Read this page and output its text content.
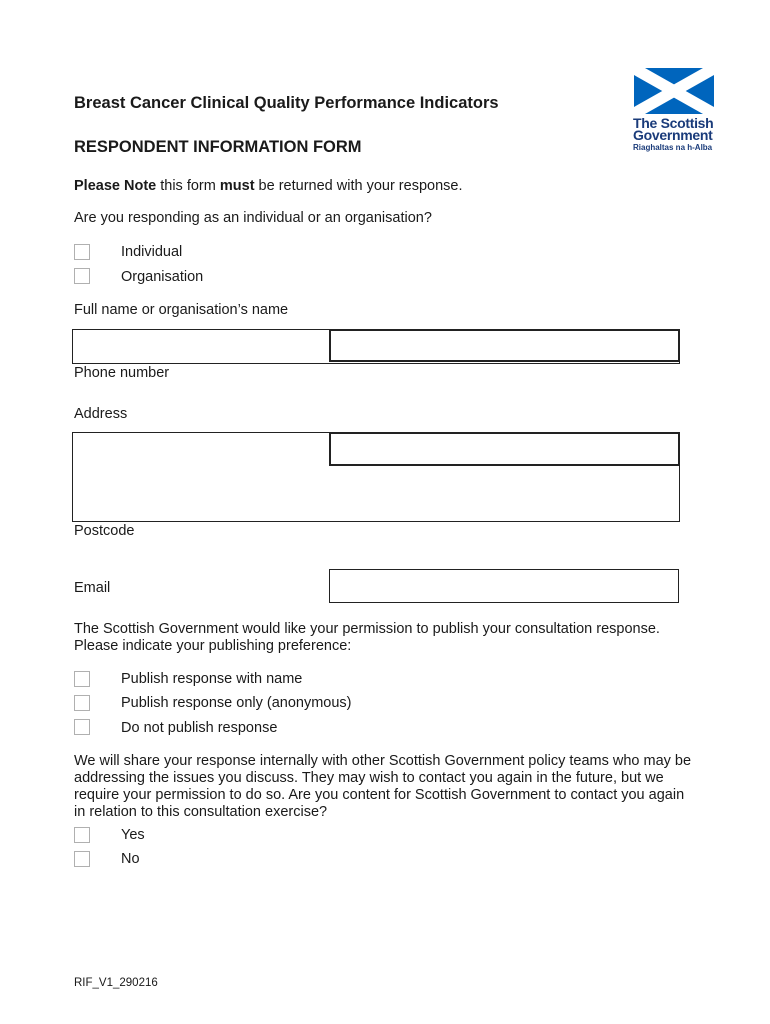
Breast Cancer Clinical Quality Performance Indicators
RESPONDENT INFORMATION FORM
The Scottish
Government
Riaghaltas na h-Alba
Please Note this form must be returned with your response.
Are you responding as an individual or an organisation?
Individual
Organisation
Full name or organisation’s name
Phone number
Address
Postcode
Email
The Scottish Government would like your permission to publish your consultation response. Please indicate your publishing preference:
Publish response with name
Publish response only (anonymous)
Do not publish response
We will share your response internally with other Scottish Government policy teams who may be addressing the issues you discuss. They may wish to contact you again in the future, but we require your permission to do so. Are you content for Scottish Government to contact you again in relation to this consultation exercise?
Yes
No
RIF_V1_290216
